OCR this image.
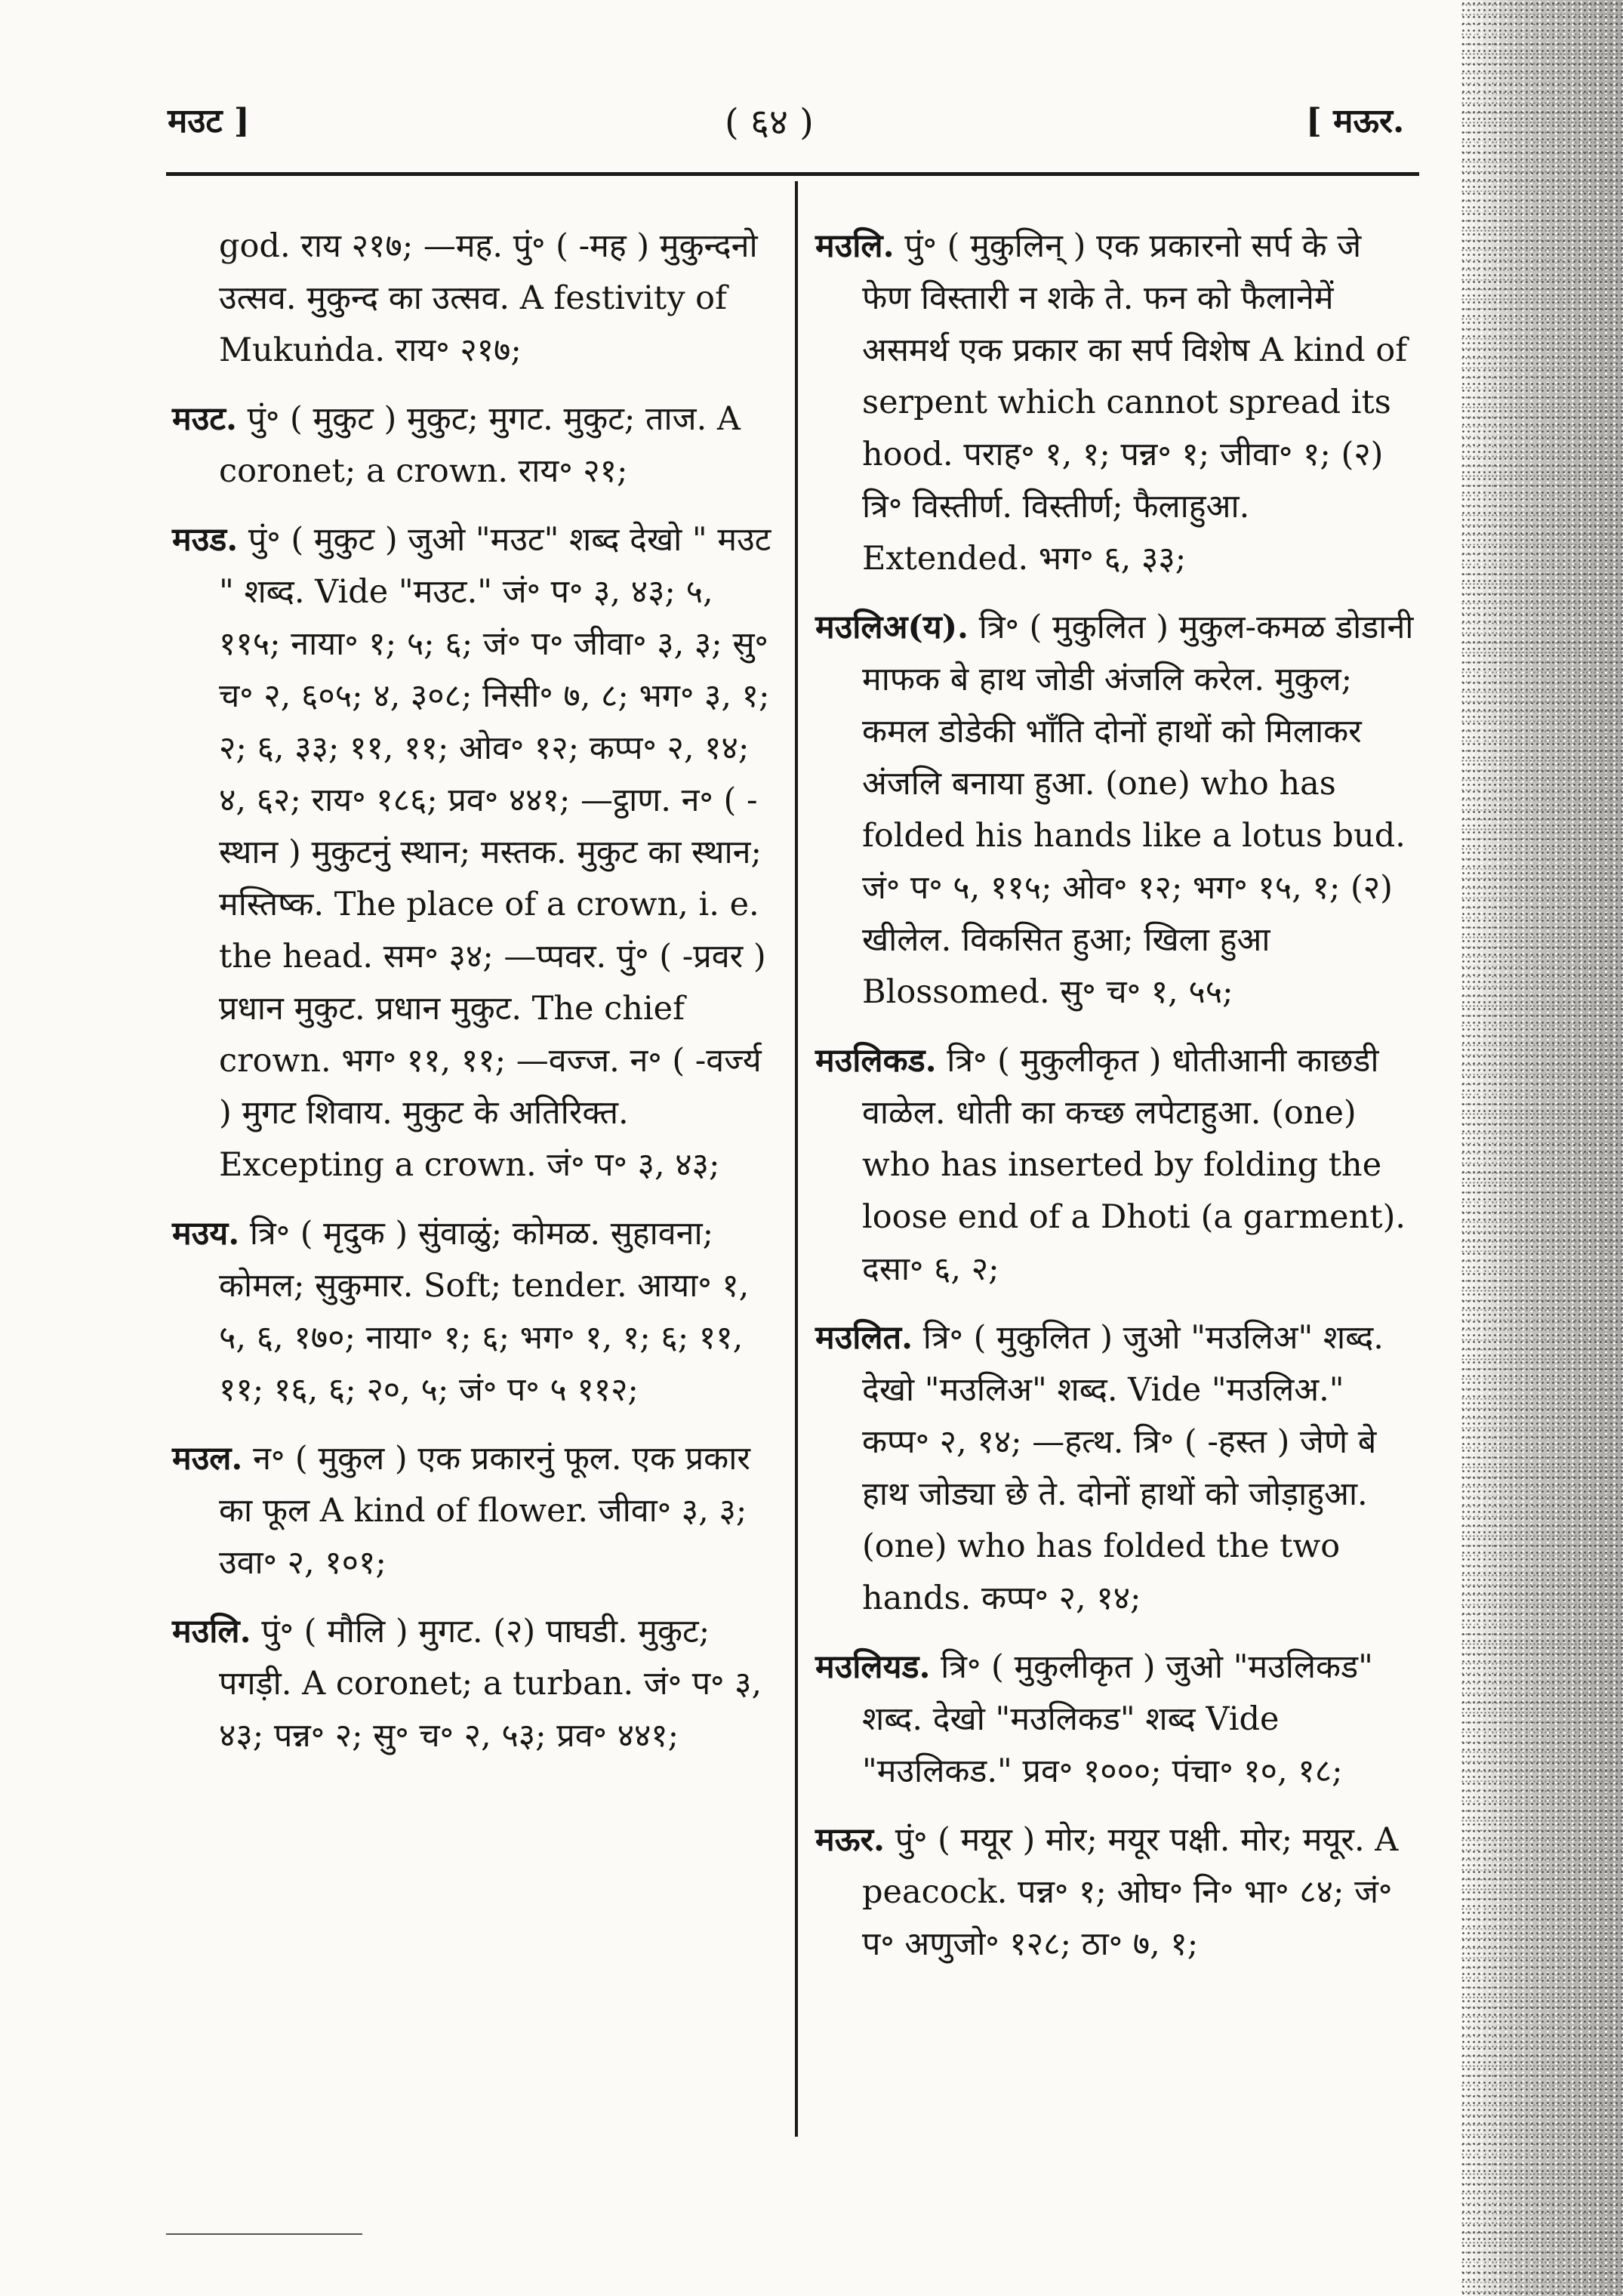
मउट ]	( ६४ )	[ मऊर.
god. राय २१७; —मह. पुं॰ ( -मह ) मुकुन्दनो उत्सव. मुकुन्द का उत्सव. A festivity of Mukuṅda. राय॰ २१७;
मउट. पुं॰ ( मुकुट ) मुकुट; मुगट. मुकुट; ताज. A coronet; a crown. राय॰ २१;
मउड. पुं॰ ( मुकुट ) जुओ "मउट" शब्द देखो " मउट " शब्द. Vide "मउट." जं॰ प॰ ३, ४३; ५, ११५; नाया॰ १; ५; ६; जं॰ प॰ जीवा॰ ३, ३; सु॰ च॰ २, ६०५; ४, ३०८; निसी॰ ७, ८; भग॰ ३, १; २; ६, ३३; ११, ११; ओव॰ १२; कप्प॰ २, १४; ४, ६२; राय॰ १८६; प्रव॰ ४४१; —ट्ठाण. न॰ ( -स्थान ) मुकुटनुं स्थान; मस्तक. मुकुट का स्थान; मस्तिष्क. The place of a crown, i. e. the head. सम॰ ३४; —प्पवर. पुं॰ ( -प्रवर ) प्रधान मुकुट. प्रधान मुकुट. The chief crown. भग॰ ११, ११; —वज्ज. न॰ ( -वर्ज्य ) मुगट शिवाय. मुकुट के अतिरिक्त. Excepting a crown. जं॰ प॰ ३, ४३;
मउय. त्रि॰ ( मृदुक ) सुंवाळुं; कोमळ. सुहावना; कोमल; सुकुमार. Soft; tender. आया॰ १, ५, ६, १७०; नाया॰ १; ६; भग॰ १, १; ६; ११, ११; १६, ६; २०, ५; जं॰ प॰ ५ ११२;
मउल. न॰ ( मुकुल ) एक प्रकारनुं फूल. एक प्रकार का फूल A kind of flower. जीवा॰ ३, ३; उवा॰ २, १०१;
मउलि. पुं॰ ( मौलि ) मुगट. (२) पाघडी. मुकुट; पगड़ी. A coronet; a turban. जं॰ प॰ ३, ४३; पन्न॰ २; सु॰ च॰ २, ५३; प्रव॰ ४४१;
मउलि. पुं॰ ( मुकुलिन् ) एक प्रकारनो सर्प के जे फेण विस्तारी न शके ते. फन को फैलानेमें असमर्थ एक प्रकार का सर्प विशेष A kind of serpent which cannot spread its hood. पराह॰ १, १; पन्न॰ १; जीवा॰ १; (२) त्रि॰ विस्तीर्ण. विस्तीर्ण; फैलाहुआ. Extended. भग॰ ६, ३३;
मउलिअ(य). त्रि॰ ( मुकुलित ) मुकुल-कमळ डोडानी माफक बे हाथ जोडी अंजलि करेल. मुकुल; कमल डोडेकी भाँति दोनों हाथों को मिलाकर अंजलि बनाया हुआ. (one) who has folded his hands like a lotus bud. जं॰ प॰ ५, ११५; ओव॰ १२; भग॰ १५, १; (२) खीलेल. विकसित हुआ; खिला हुआ Blossomed. सु॰ च॰ १, ५५;
मउलिकड. त्रि॰ ( मुकुलीकृत ) धोतीआनी काछडी वाळेल. धोती का कच्छ लपेटाहुआ. (one) who has inserted by folding the loose end of a Dhoti (a garment). दसा॰ ६, २;
मउलित. त्रि॰ ( मुकुलित ) जुओ "मउलिअ" शब्द. देखो "मउलिअ" शब्द. Vide "मउलिअ." कप्प॰ २, १४; —हत्थ. त्रि॰ ( -हस्त ) जेणे बे हाथ जोड्या छे ते. दोनों हाथों को जोड़ाहुआ. (one) who has folded the two hands. कप्प॰ २, १४;
मउलियड. त्रि॰ ( मुकुलीकृत ) जुओ "मउलिकड" शब्द. देखो "मउलिकड" शब्द Vide "मउलिकड." प्रव॰ १०००; पंचा॰ १०, १८;
मऊर. पुं॰ ( मयूर ) मोर; मयूर पक्षी. मोर; मयूर. A peacock. पन्न॰ १; ओघ॰ नि॰ भा॰ ८४; जं॰ प॰ अणुजो॰ १२८; ठा॰ ७, १;
